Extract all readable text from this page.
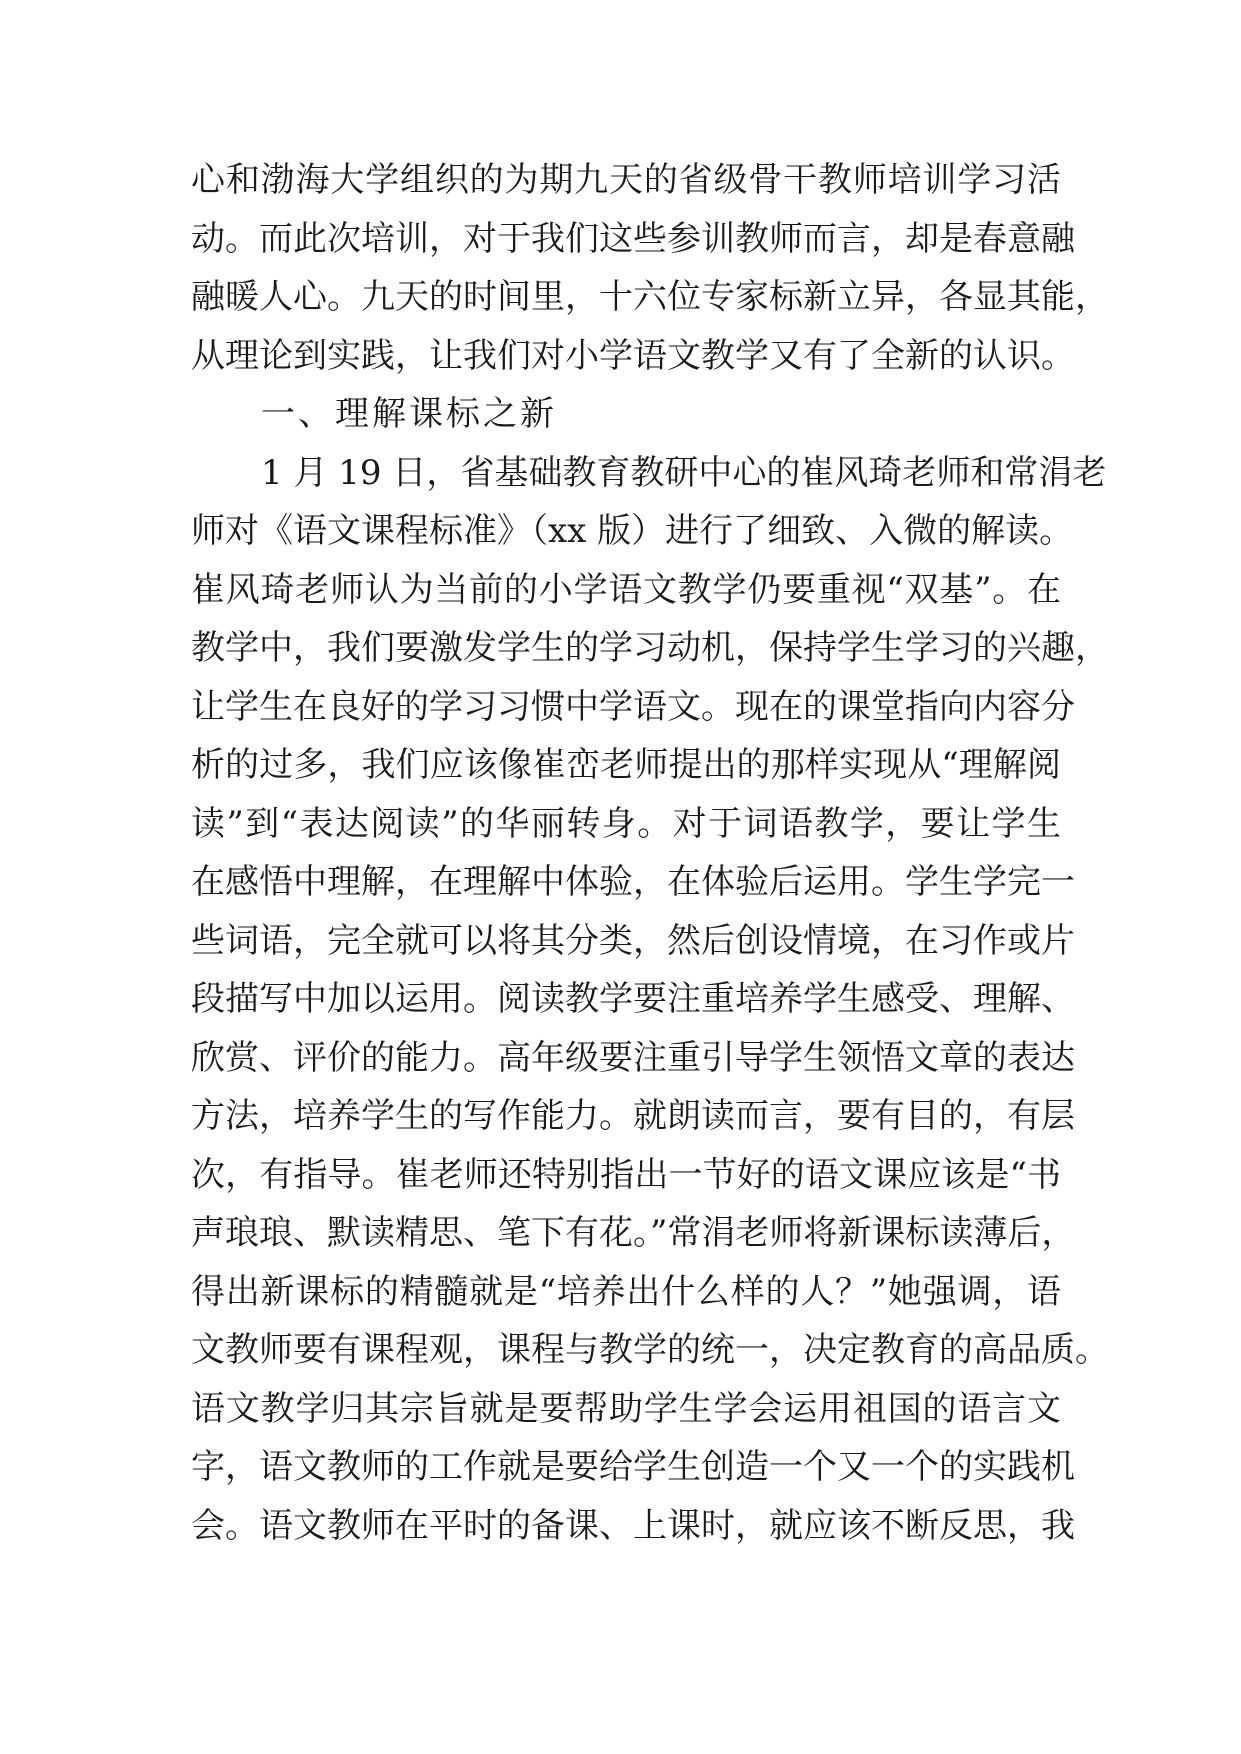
心和渤海大学组织的为期九天的省级骨干教师培训学习活
动。而此次培训，对于我们这些参训教师而言，却是春意融
融暖人心。九天的时间里，十六位专家标新立异，各显其能，
从理论到实践，让我们对小学语文教学又有了全新的认识。
一、理解课标之新
1 月 19 日，省基础教育教研中心的崔风琦老师和常涓老
师对《语文课程标准》（xx 版）进行了细致、入微的解读。
崔风琦老师认为当前的小学语文教学仍要重视“双基”。在
教学中，我们要激发学生的学习动机，保持学生学习的兴趣，
让学生在良好的学习习惯中学语文。现在的课堂指向内容分
析的过多，我们应该像崔峦老师提出的那样实现从“理解阅
读”到“表达阅读”的华丽转身。对于词语教学，要让学生
在感悟中理解，在理解中体验，在体验后运用。学生学完一
些词语，完全就可以将其分类，然后创设情境，在习作或片
段描写中加以运用。阅读教学要注重培养学生感受、理解、
欣赏、评价的能力。高年级要注重引导学生领悟文章的表达
方法，培养学生的写作能力。就朗读而言，要有目的，有层
次，有指导。崔老师还特别指出一节好的语文课应该是“书
声琅琅、默读精思、笔下有花。”常涓老师将新课标读薄后，
得出新课标的精髓就是“培养出什么样的人？”她强调，语
文教师要有课程观，课程与教学的统一，决定教育的高品质。
语文教学归其宗旨就是要帮助学生学会运用祖国的语言文
字，语文教师的工作就是要给学生创造一个又一个的实践机
会。语文教师在平时的备课、上课时，就应该不断反思，我
